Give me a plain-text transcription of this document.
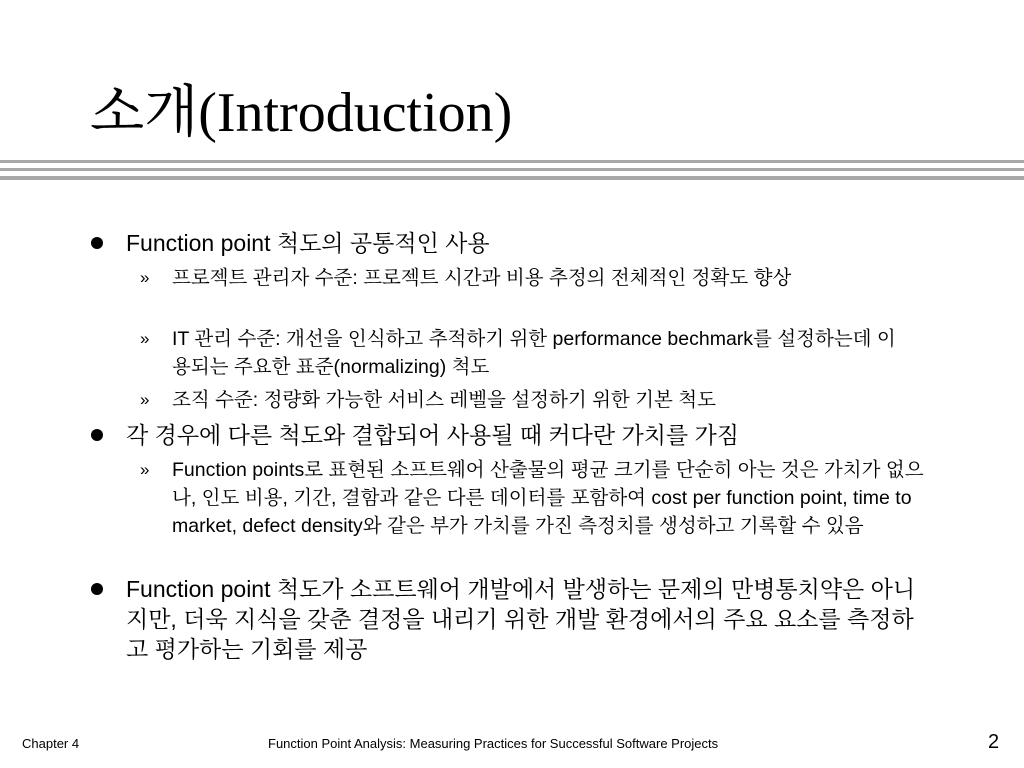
소개(Introduction)
Function point 척도의 공통적인 사용
» 프로젝트 관리자 수준: 프로젝트 시간과 비용 추정의 전체적인 정확도 향상
» IT 관리 수준: 개선을 인식하고 추적하기 위한 performance bechmark를 설정하는데 이용되는 주요한 표준(normalizing) 척도
» 조직 수준: 정량화 가능한 서비스 레벨을 설정하기 위한 기본 척도
각 경우에 다른 척도와 결합되어 사용될 때 커다란 가치를 가짐
» Function points로 표현된 소프트웨어 산출물의 평균 크기를 단순히 아는 것은 가치가 없으나, 인도 비용, 기간, 결함과 같은 다른 데이터를 포함하여 cost per function point, time to market, defect density와 같은 부가 가치를 가진 측정치를 생성하고 기록할 수 있음
Function point 척도가 소프트웨어 개발에서 발생하는 문제의 만병통치약은 아니지만, 더욱 지식을 갖춘 결정을 내리기 위한 개발 환경에서의 주요 요소를 측정하고 평가하는 기회를 제공
Chapter 4	Function Point Analysis: Measuring Practices for Successful Software Projects	2
